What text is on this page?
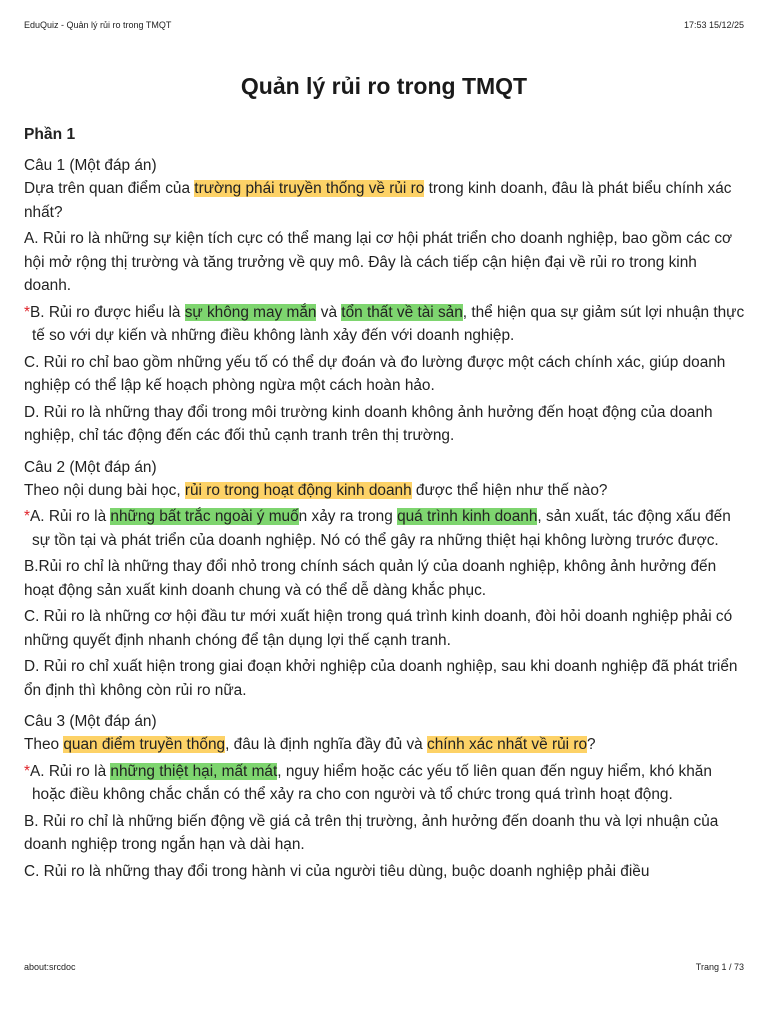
EduQuiz - Quản lý rủi ro trong TMQT	17:53 15/12/25
Quản lý rủi ro trong TMQT
Phần 1
Câu 1 (Một đáp án)
Dựa trên quan điểm của trường phái truyền thống về rủi ro trong kinh doanh, đâu là phát biểu chính xác nhất?
A. Rủi ro là những sự kiện tích cực có thể mang lại cơ hội phát triển cho doanh nghiệp, bao gồm các cơ hội mở rộng thị trường và tăng trưởng về quy mô. Đây là cách tiếp cận hiện đại về rủi ro trong kinh doanh.
*B. Rủi ro được hiểu là sự không may mắn và tổn thất về tài sản, thể hiện qua sự giảm sút lợi nhuận thực tế so với dự kiến và những điều không lành xảy đến với doanh nghiệp.
C. Rủi ro chỉ bao gồm những yếu tố có thể dự đoán và đo lường được một cách chính xác, giúp doanh nghiệp có thể lập kế hoạch phòng ngừa một cách hoàn hảo.
D. Rủi ro là những thay đổi trong môi trường kinh doanh không ảnh hưởng đến hoạt động của doanh nghiệp, chỉ tác động đến các đối thủ cạnh tranh trên thị trường.
Câu 2 (Một đáp án)
Theo nội dung bài học, rủi ro trong hoạt động kinh doanh được thể hiện như thế nào?
*A. Rủi ro là những bất trắc ngoài ý muốn xảy ra trong quá trình kinh doanh, sản xuất, tác động xấu đến sự tồn tại và phát triển của doanh nghiệp. Nó có thể gây ra những thiệt hại không lường trước được.
B.Rủi ro chỉ là những thay đổi nhỏ trong chính sách quản lý của doanh nghiệp, không ảnh hưởng đến hoạt động sản xuất kinh doanh chung và có thể dễ dàng khắc phục.
C. Rủi ro là những cơ hội đầu tư mới xuất hiện trong quá trình kinh doanh, đòi hỏi doanh nghiệp phải có những quyết định nhanh chóng để tận dụng lợi thế cạnh tranh.
D. Rủi ro chỉ xuất hiện trong giai đoạn khởi nghiệp của doanh nghiệp, sau khi doanh nghiệp đã phát triển ổn định thì không còn rủi ro nữa.
Câu 3 (Một đáp án)
Theo quan điểm truyền thống, đâu là định nghĩa đầy đủ và chính xác nhất về rủi ro?
*A. Rủi ro là những thiệt hại, mất mát, nguy hiểm hoặc các yếu tố liên quan đến nguy hiểm, khó khăn hoặc điều không chắc chắn có thể xảy ra cho con người và tổ chức trong quá trình hoạt động.
B. Rủi ro chỉ là những biến động về giá cả trên thị trường, ảnh hưởng đến doanh thu và lợi nhuận của doanh nghiệp trong ngắn hạn và dài hạn.
C. Rủi ro là những thay đổi trong hành vi của người tiêu dùng, buộc doanh nghiệp phải điều
about:srcdoc	Trang 1 / 73
